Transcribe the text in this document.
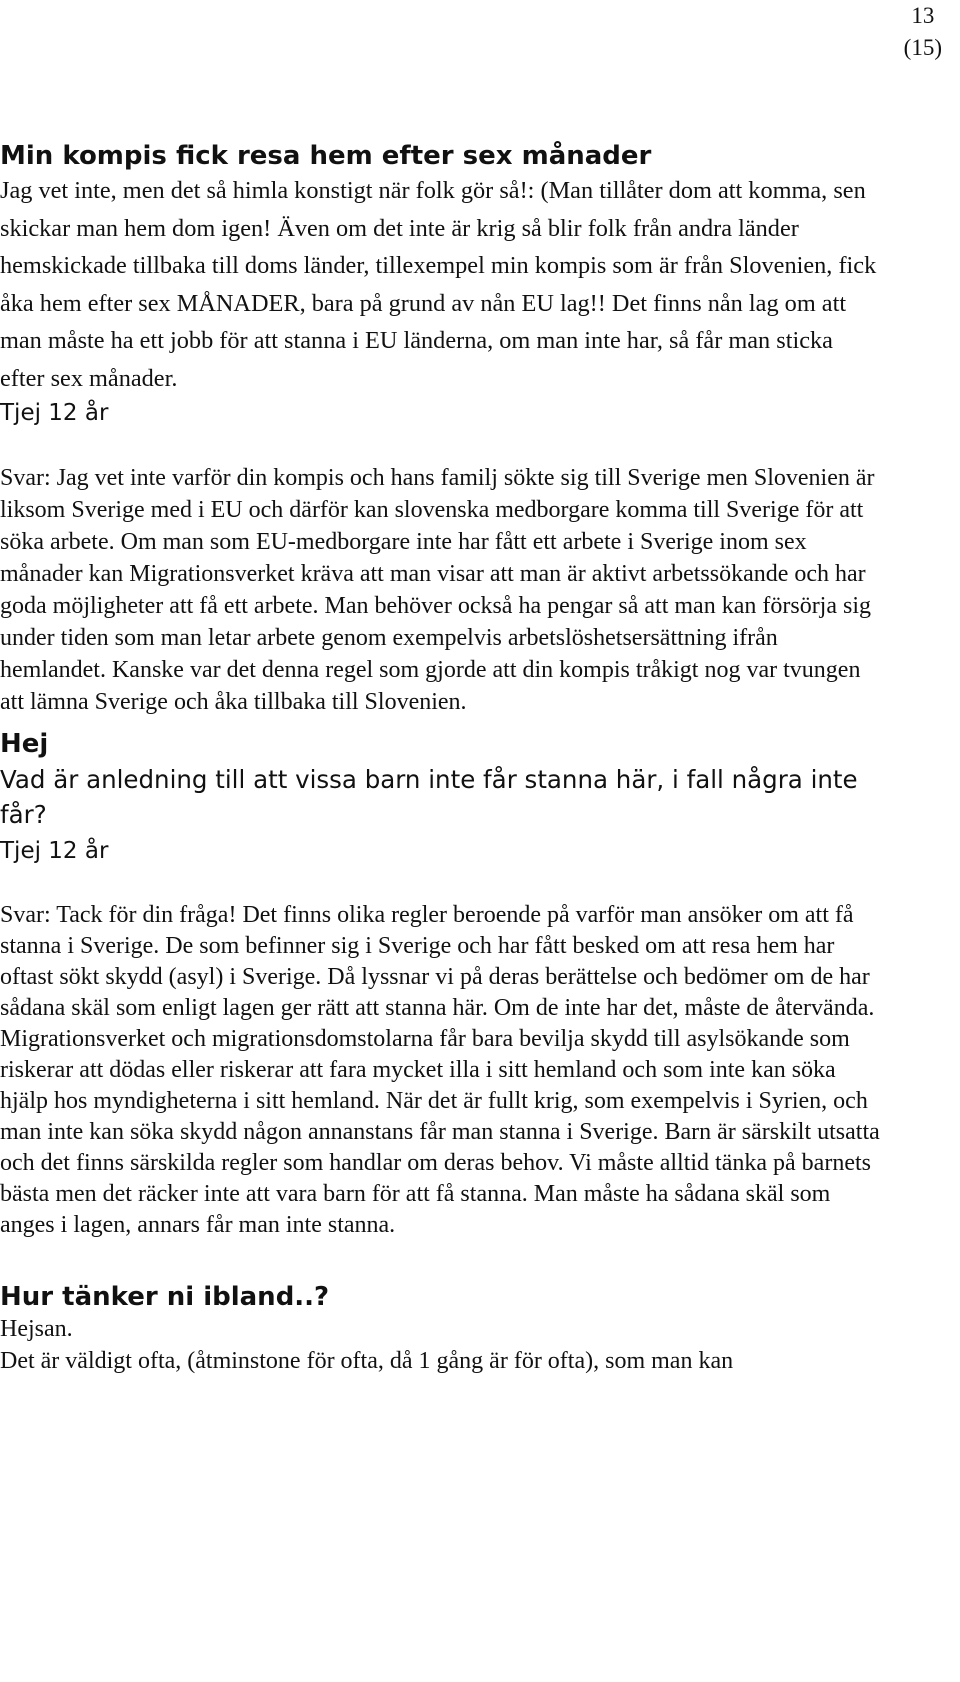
13
(15)
Min kompis fick resa hem efter sex månader

Jag vet inte, men det så himla konstigt när folk gör så!: (Man tillåter dom att komma, sen skickar man hem dom igen! Även om det inte är krig så blir folk från andra länder hemskickade tillbaka till doms länder, tillexempel min kompis som är från Slovenien, fick åka hem efter sex MÅNADER, bara på grund av nån EU lag!! Det finns nån lag om att man måste ha ett jobb för att stanna i EU länderna, om man inte har, så får man sticka efter sex månader.

Tjej 12 år

Svar: Jag vet inte varför din kompis och hans familj sökte sig till Sverige men Slovenien är liksom Sverige med i EU och därför kan slovenska medborgare komma till Sverige för att söka arbete. Om man som EU-medborgare inte har fått ett arbete i Sverige inom sex månader kan Migrationsverket kräva att man visar att man är aktivt arbetssökande och har goda möjligheter att få ett arbete. Man behöver också ha pengar så att man kan försörja sig under tiden som man letar arbete genom exempelvis arbetslöshetsersättning ifrån hemlandet. Kanske var det denna regel som gjorde att din kompis tråkigt nog var tvungen att lämna Sverige och åka tillbaka till Slovenien.

Hej

Vad är anledning till att vissa barn inte får stanna här, i fall några inte får?

Tjej 12 år

Svar: Tack för din fråga! Det finns olika regler beroende på varför man ansöker om att få stanna i Sverige. De som befinner sig i Sverige och har fått besked om att resa hem har oftast sökt skydd (asyl) i Sverige. Då lyssnar vi på deras berättelse och bedömer om de har sådana skäl som enligt lagen ger rätt att stanna här. Om de inte har det, måste de återvända. Migrationsverket och migrationsdomstolarna får bara bevilja skydd till asylsökande som riskerar att dödas eller riskerar att fara mycket illa i sitt hemland och som inte kan söka hjälp hos myndigheterna i sitt hemland. När det är fullt krig, som exempelvis i Syrien, och man inte kan söka skydd någon annanstans får man stanna i Sverige. Barn är särskilt utsatta och det finns särskilda regler som handlar om deras behov. Vi måste alltid tänka på barnets bästa men det räcker inte att vara barn för att få stanna. Man måste ha sådana skäl som anges i lagen, annars får man inte stanna.

Hur tänker ni ibland..?

Hejsan.

Det är väldigt ofta, (åtminstone för ofta, då 1 gång är för ofta), som man kan
